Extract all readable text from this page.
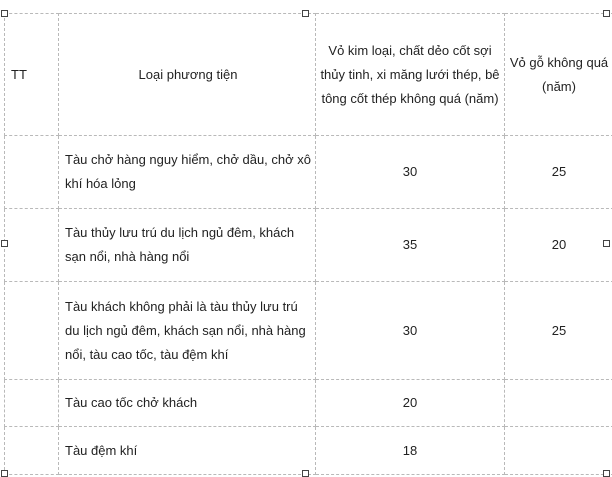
TT	Loại phương tiện	Vỏ kim loại, chất dẻo cốt sợi thủy tinh, xi măng lưới thép, bê tông cốt thép không quá (năm)	Vỏ gỗ không quá (năm)

	Tàu chở hàng nguy hiểm, chở dầu, chở xô khí hóa lỏng	30	25
	Tàu thủy lưu trú du lịch ngủ đêm, khách sạn nổi, nhà hàng nổi	35	20
	Tàu khách không phải là tàu thủy lưu trú du lịch ngủ đêm, khách sạn nổi, nhà hàng nổi, tàu cao tốc, tàu đệm khí	30	25
	Tàu cao tốc chở khách	20	
	Tàu đệm khí	18	
